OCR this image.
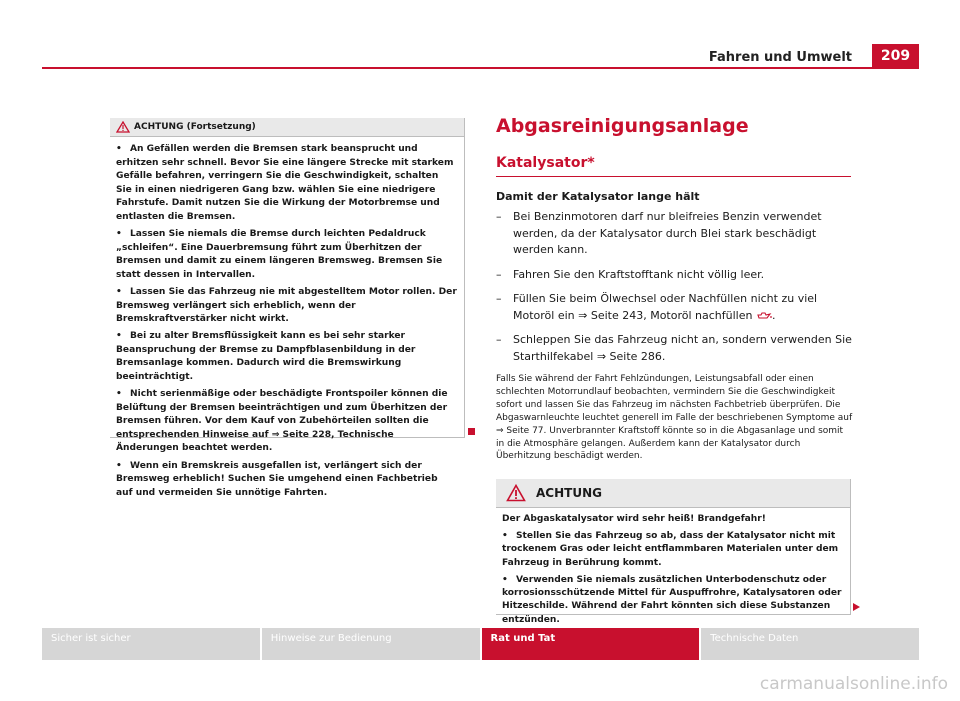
Fahren und Umwelt	209
ACHTUNG (Fortsetzung)

• An Gefällen werden die Bremsen stark beansprucht und erhitzen sehr schnell. Bevor Sie eine längere Strecke mit starkem Gefälle befahren, verringern Sie die Geschwindigkeit, schalten Sie in einen niedrigeren Gang bzw. wählen Sie eine niedrigere Fahrstufe. Damit nutzen Sie die Wirkung der Motorbremse und entlasten die Bremsen.

• Lassen Sie niemals die Bremse durch leichten Pedaldruck „schleifen“. Eine Dauerbremsung führt zum Überhitzen der Bremsen und damit zu einem längeren Bremsweg. Bremsen Sie statt dessen in Intervallen.

• Lassen Sie das Fahrzeug nie mit abgestelltem Motor rollen. Der Bremsweg verlängert sich erheblich, wenn der Bremskraftverstärker nicht wirkt.

• Bei zu alter Bremsflüssigkeit kann es bei sehr starker Beanspruchung der Bremse zu Dampfblasenbildung in der Bremsanlage kommen. Dadurch wird die Bremswirkung beeinträchtigt.

• Nicht serienmäßige oder beschädigte Frontspoiler können die Belüftung der Bremsen beeinträchtigen und zum Überhitzen der Bremsen führen. Vor dem Kauf von Zubehörteilen sollten die entsprechenden Hinweise auf ⇒ Seite 228, Technische Änderungen beachtet werden.

• Wenn ein Bremskreis ausgefallen ist, verlängert sich der Bremsweg erheblich! Suchen Sie umgehend einen Fachbetrieb auf und vermeiden Sie unnötige Fahrten.

Abgasreinigungsanlage
Katalysator*
Damit der Katalysator lange hält
–	Bei Benzinmotoren darf nur bleifreies Benzin verwendet werden, da der Katalysator durch Blei stark beschädigt werden kann.
–	Fahren Sie den Kraftstofftank nicht völlig leer.
–	Füllen Sie beim Ölwechsel oder Nachfüllen nicht zu viel Motoröl ein ⇒ Seite 243, Motoröl nachfüllen .
–	Schleppen Sie das Fahrzeug nicht an, sondern verwenden Sie Starthilfekabel ⇒ Seite 286.
Falls Sie während der Fahrt Fehlzündungen, Leistungsabfall oder einen schlechten Motorrundlauf beobachten, vermindern Sie die Geschwindigkeit sofort und lassen Sie das Fahrzeug im nächsten Fachbetrieb überprüfen. Die Abgaswarnleuchte leuchtet generell im Falle der beschriebenen Symptome auf ⇒ Seite 77. Unverbrannter Kraftstoff könnte so in die Abgasanlage und somit in die Atmosphäre gelangen. Außerdem kann der Katalysator durch Überhitzung beschädigt werden.
ACHTUNG

Der Abgaskatalysator wird sehr heiß! Brandgefahr!

• Stellen Sie das Fahrzeug so ab, dass der Katalysator nicht mit trockenem Gras oder leicht entflammbaren Materialen unter dem Fahrzeug in Berührung kommt.

• Verwenden Sie niemals zusätzlichen Unterbodenschutz oder korrosionsschützende Mittel für Auspuffrohre, Katalysatoren oder Hitzeschilde. Während der Fahrt könnten sich diese Substanzen entzünden.

Sicher ist sicher	Hinweise zur Bedienung	Rat und Tat	Technische Daten
carmanualsonline.info
